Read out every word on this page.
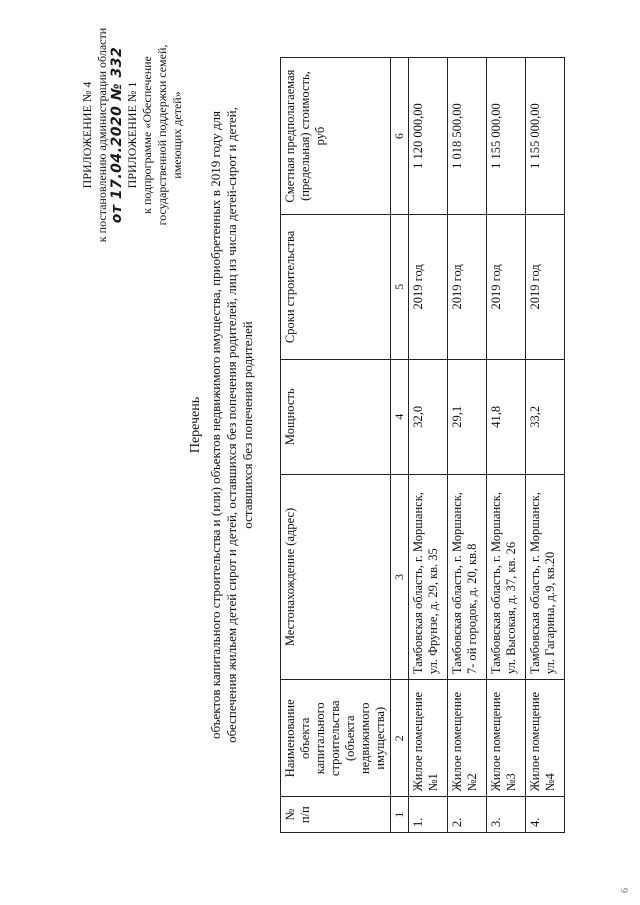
ПРИЛОЖЕНИЕ № 4 к постановлению администрации области от 17.04.2020 № 332 ПРИЛОЖЕНИЕ № 1 к подпрограмме «Обеспечение государственной поддержки семей, имеющих детей»
Перечень объектов капитального строительства и (или) объектов недвижимого имущества, приобретенных в 2019 году для обеспечения жильем детей сирот и детей, оставшихся без попечения родителей, лиц из числа детей-сирот и детей, оставшихся без попечения родителей
№ п/п	Наименование объекта капитального строительства (объекта недвижимого имущества)	Местонахождение (адрес)	Мощность	Сроки строительства	Сметная предполагаемая (предельная) стоимость, руб
1	2	3	4	5	6
1.	Жилое помещение №1	Тамбовская область, г. Моршанск, ул. Фрунзе, д. 29, кв. 35	32,0	2019 год	1 120 000,00
2.	Жилое помещение №2	Тамбовская область, г. Моршанск, 7- ой городок, д. 20, кв.8	29,1	2019 год	1 018 500,00
3.	Жилое помещение №3	Тамбовская область, г. Моршанск, ул. Высокая, д. 37, кв. 26	41,8	2019 год	1 155 000,00
4.	Жилое помещение №4	Тамбовская область, г. Моршанск, ул. Гагарина, д.9, кв.20	33,2	2019 год	1 155 000,00
6
